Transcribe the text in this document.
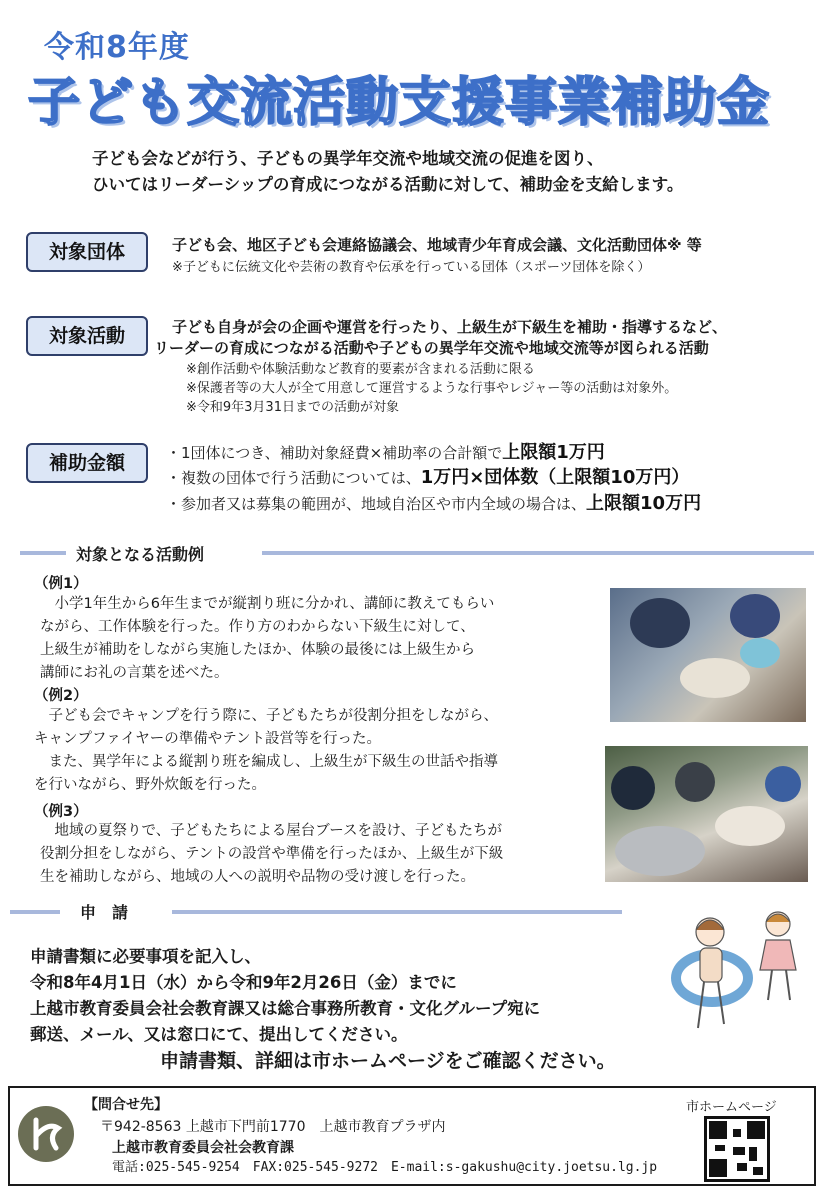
令和8年度
子ども交流活動支援事業補助金
子ども会などが行う、子どもの異学年交流や地域交流の促進を図り、
ひいてはリーダーシップの育成につながる活動に対して、補助金を支給します。
対象団体	子ども会、地区子ども会連絡協議会、地域青少年育成会議、文化活動団体※ 等
※子どもに伝統文化や芸術の教育や伝承を行っている団体（スポーツ団体を除く）
対象活動	子ども自身が会の企画や運営を行ったり、上級生が下級生を補助・指導するなど、
リーダーの育成につながる活動や子どもの異学年交流や地域交流等が図られる活動
※創作活動や体験活動など教育的要素が含まれる活動に限る
※保護者等の大人が全て用意して運営するような行事やレジャー等の活動は対象外。
※令和9年3月31日までの活動が対象
補助金額	・1団体につき、補助対象経費×補助率の合計額で上限額1万円
・複数の団体で行う活動については、1万円×団体数（上限額10万円）
・参加者又は募集の範囲が、地域自治区や市内全域の場合は、上限額10万円
対象となる活動例
（例1）
　小学1年生から6年生までが縦割り班に分かれ、講師に教えてもらい
ながら、工作体験を行った。作り方のわからない下級生に対して、
上級生が補助をしながら実施したほか、体験の最後には上級生から
講師にお礼の言葉を述べた。
（例2）
　子ども会でキャンプを行う際に、子どもたちが役割分担をしながら、
キャンプファイヤーの準備やテント設営等を行った。
　また、異学年による縦割り班を編成し、上級生が下級生の世話や指導
を行いながら、野外炊飯を行った。
（例3）
　地域の夏祭りで、子どもたちによる屋台ブースを設け、子どもたちが
役割分担をしながら、テントの設営や準備を行ったほか、上級生が下級
生を補助しながら、地域の人への説明や品物の受け渡しを行った。
申　請
申請書類に必要事項を記入し、
令和8年4月1日（水）から令和9年2月26日（金）までに
上越市教育委員会社会教育課又は総合事務所教育・文化グループ宛に
郵送、メール、又は窓口にて、提出してください。
申請書類、詳細は市ホームページをご確認ください。
【問合せ先】
〒942-8563 上越市下門前1770　上越市教育プラザ内
上越市教育委員会社会教育課
電話:025-545-9254　FAX:025-545-9272　E-mail:s-gakushu@city.joetsu.lg.jp
市ホームページ
